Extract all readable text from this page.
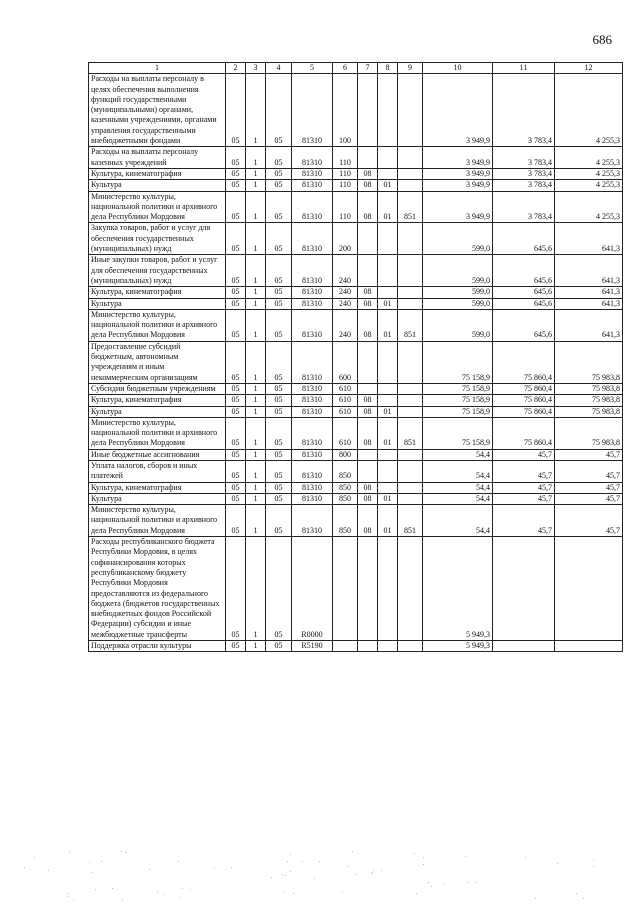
686
1	2	3	4	5	6	7	8	9	10	11	12
Расходы на выплаты персоналу в целях обеспечения выполнения функций государственными (муниципальными) органами, казенными учреждениями, органами управления государственными внебюджетными фондами	05	1	05	81310	100				3 949,9	3 783,4	4 255,3
Расходы на выплаты персоналу казенных учреждений	05	1	05	81310	110				3 949,9	3 783,4	4 255,3
Культура, кинематография	05	1	05	81310	110	08			3 949,9	3 783,4	4 255,3
Культура	05	1	05	81310	110	08	01		3 949,9	3 783,4	4 255,3
Министерство культуры, национальной политики и архивного дела Республики Мордовия	05	1	05	81310	110	08	01	851	3 949,9	3 783,4	4 255,3
Закупка товаров, работ и услуг для обеспечения государственных (муниципальных) нужд	05	1	05	81310	200				599,0	645,6	641,3
Иные закупки товаров, работ и услуг для обеспечения государственных (муниципальных) нужд	05	1	05	81310	240				599,0	645,6	641,3
Культура, кинематография	05	1	05	81310	240	08			599,0	645,6	641,3
Культура	05	1	05	81310	240	08	01		599,0	645,6	641,3
Министерство культуры, национальной политики и архивного дела Республики Мордовия	05	1	05	81310	240	08	01	851	599,0	645,6	641,3
Предоставление субсидий бюджетным, автономным учреждениям и иным некоммерческим организациям	05	1	05	81310	600				75 158,9	75 860,4	75 983,8
Субсидии бюджетным учреждениям	05	1	05	81310	610				75 158,9	75 860,4	75 983,8
Культура, кинематография	05	1	05	81310	610	08			75 158,9	75 860,4	75 983,8
Культура	05	1	05	81310	610	08	01		75 158,9	75 860,4	75 983,8
Министерство культуры, национальной политики и архивного дела Республики Мордовия	05	1	05	81310	610	08	01	851	75 158,9	75 860,4	75 983,8
Иные бюджетные ассигнования	05	1	05	81310	800				54,4	45,7	45,7
Уплата налогов, сборов и иных платежей	05	1	05	81310	850				54,4	45,7	45,7
Культура, кинематография	05	1	05	81310	850	08			54,4	45,7	45,7
Культура	05	1	05	81310	850	08	01		54,4	45,7	45,7
Министерство культуры, национальной политики и архивного дела Республики Мордовия	05	1	05	81310	850	08	01	851	54,4	45,7	45,7
Расходы республиканского бюджета Республики Мордовия, в целях софинансирования которых республиканскому бюджету Республики Мордовия предоставляются из федерального бюджета (бюджетов государственных внебюджетных фондов Российской Федерации) субсидии и иные межбюджетные трансферты	05	1	05	R0000					5 949,3		
Поддержка отрасли культуры	05	1	05	R5190					5 949,3		
